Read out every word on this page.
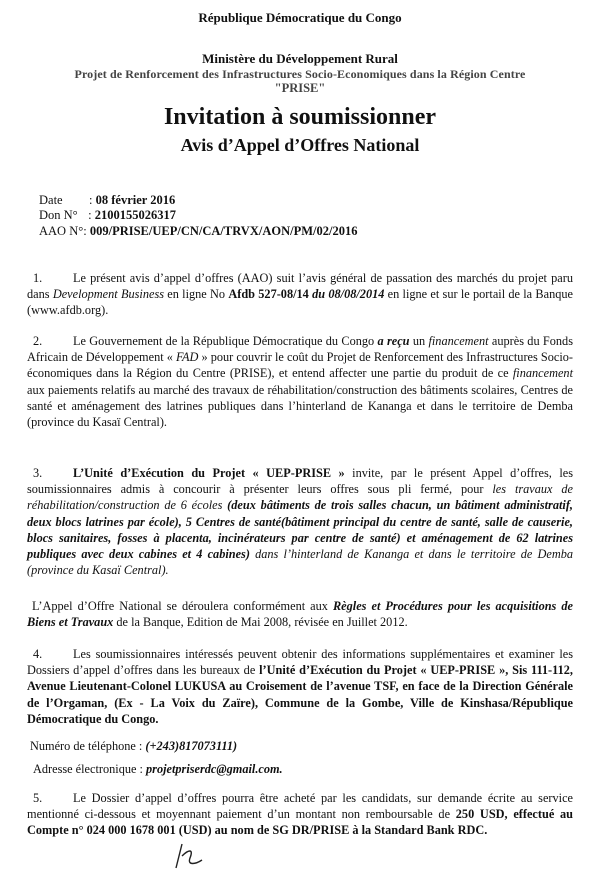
République Démocratique du Congo
Ministère du Développement Rural
Projet de Renforcement des Infrastructures Socio-Economiques dans la Région Centre
"PRISE"
Invitation à soumissionner
Avis d’Appel d’Offres National
Date : 08 février 2016
Don N° : 2100155026317
AAO N°: 009/PRISE/UEP/CN/CA/TRVX/AON/PM/02/2016
1.	Le présent avis d’appel d’offres (AAO) suit l’avis général de passation des marchés du projet paru dans Development Business en ligne No Afdb 527-08/14 du 08/08/2014 en ligne et sur le portail de la Banque (www.afdb.org).
2.	Le Gouvernement de la République Démocratique du Congo a reçu un financement auprès du Fonds Africain de Développement « FAD » pour couvrir le coût du Projet de Renforcement des Infrastructures Socio-économiques dans la Région du Centre (PRISE), et entend affecter une partie du produit de ce financement aux paiements relatifs au marché des travaux de réhabilitation/construction des bâtiments scolaires, Centres de santé et aménagement des latrines publiques dans l’hinterland de Kananga et dans le territoire de Demba (province du Kasaï Central).
3.	L’Unité d’Exécution du Projet « UEP-PRISE » invite, par le présent Appel d’offres, les soumissionnaires admis à concourir à présenter leurs offres sous pli fermé, pour les travaux de réhabilitation/construction de 6 écoles (deux bâtiments de trois salles chacun, un bâtiment administratif, deux blocs latrines par école), 5 Centres de santé(bâtiment principal du centre de santé, salle de causerie, blocs sanitaires, fosses à placenta, incinérateurs par centre de santé) et aménagement de 62 latrines publiques avec deux cabines et 4 cabines) dans l’hinterland de Kananga et dans le territoire de Demba (province du Kasaï Central).
L’Appel d’Offre National se déroulera conformément aux Règles et Procédures pour les acquisitions de Biens et Travaux de la Banque, Edition de Mai 2008, révisée en Juillet 2012.
4.	Les soumissionnaires intéressés peuvent obtenir des informations supplémentaires et examiner les Dossiers d’appel d’offres dans les bureaux de l’Unité d’Exécution du Projet « UEP-PRISE », Sis 111-112, Avenue Lieutenant-Colonel LUKUSA au Croisement de l’avenue TSF, en face de la Direction Générale de l’Orgaman, (Ex - La Voix du Zaïre), Commune de la Gombe, Ville de Kinshasa/République Démocratique du Congo.
Numéro de téléphone : (+243)817073111)
Adresse électronique : projetpriserdc@gmail.com.
5.	Le Dossier d’appel d’offres pourra être acheté par les candidats, sur demande écrite au service mentionné ci-dessous et moyennant paiement d’un montant non remboursable de 250 USD, effectué au Compte n° 024 000 1678 001 (USD) au nom de SG DR/PRISE à la Standard Bank RDC.
